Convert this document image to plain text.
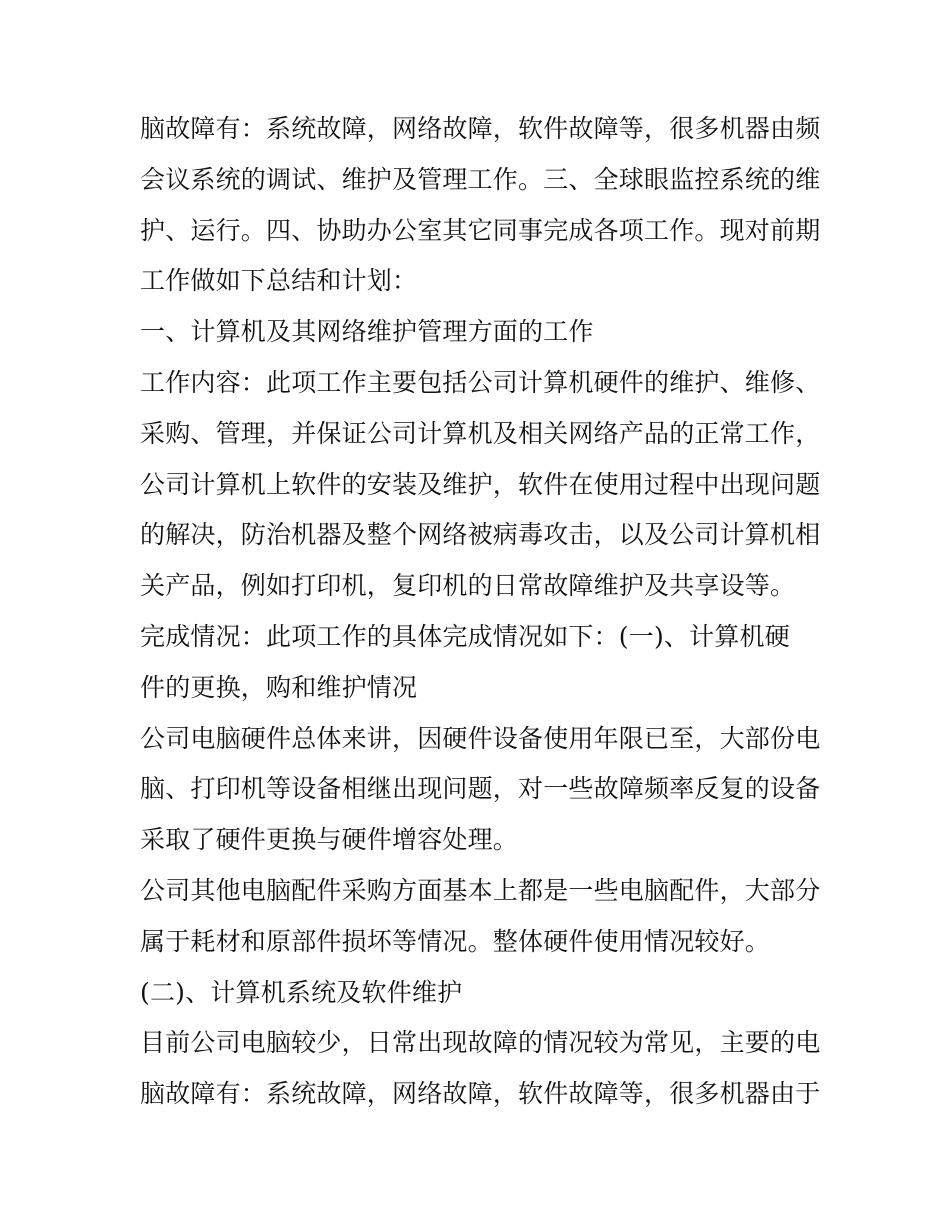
脑故障有：系统故障，网络故障，软件故障等，很多机器由频
会议系统的调试、维护及管理工作。三、全球眼监控系统的维
护、运行。四、协助办公室其它同事完成各项工作。现对前期
工作做如下总结和计划：
一、计算机及其网络维护管理方面的工作
工作内容：此项工作主要包括公司计算机硬件的维护、维修、
采购、管理，并保证公司计算机及相关网络产品的正常工作，
公司计算机上软件的安装及维护，软件在使用过程中出现问题
的解决，防治机器及整个网络被病毒攻击，以及公司计算机相
关产品，例如打印机，复印机的日常故障维护及共享设等。
完成情况：此项工作的具体完成情况如下：(一)、计算机硬
件的更换，购和维护情况
公司电脑硬件总体来讲，因硬件设备使用年限已至，大部份电
脑、打印机等设备相继出现问题，对一些故障频率反复的设备
采取了硬件更换与硬件增容处理。
公司其他电脑配件采购方面基本上都是一些电脑配件，大部分
属于耗材和原部件损坏等情况。整体硬件使用情况较好。
(二)、计算机系统及软件维护
目前公司电脑较少，日常出现故障的情况较为常见，主要的电
脑故障有：系统故障，网络故障，软件故障等，很多机器由于
